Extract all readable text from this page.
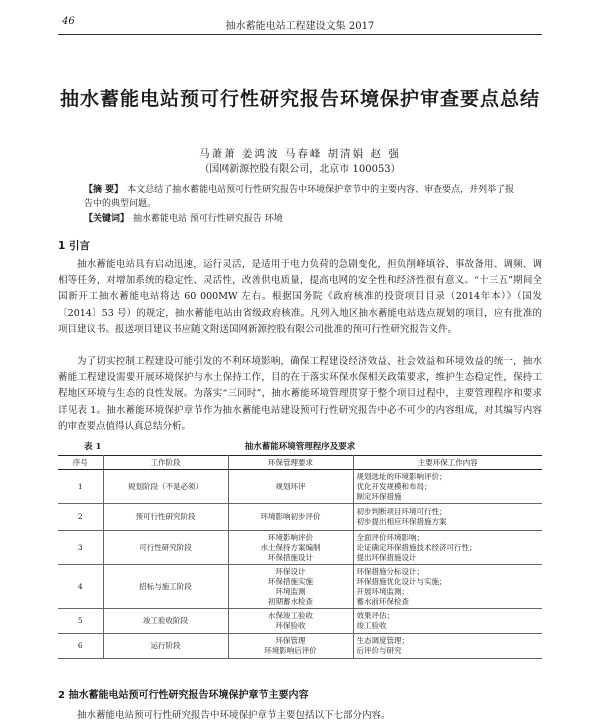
46	抽水蓄能电站工程建设文集 2017
抽水蓄能电站预可行性研究报告环境保护审查要点总结
马萧萧 姜鸿波 马春峰 胡清娟 赵 强
（国网新源控股有限公司，北京市 100053）
【摘 要】 本文总结了抽水蓄能电站预可行性研究报告中环境保护章节中的主要内容、审查要点，并列举了报告中的典型问题。
【关键词】 抽水蓄能电站 预可行性研究报告 环境
1 引言
抽水蓄能电站具有启动迅速，运行灵活，是适用于电力负荷的急剧变化，担负削峰填谷、事故备用、调频、调相等任务，对增加系统的稳定性、灵活性，改善供电质量，提高电网的安全性和经济性很有意义。“十三五”期间全国新开工抽水蓄能电站将达 60 000MW 左右。根据国务院《政府核准的投资项目目录（2014年本）》（国发〔2014〕53 号）的规定，抽水蓄能电站由省级政府核准。凡列入地区抽水蓄能电站选点规划的项目，应有批准的项目建议书。报送项目建议书应随文附送国网新源控股有限公司批准的预可行性研究报告文件。
为了切实控制工程建设可能引发的不利环境影响，确保工程建设经济效益、社会效益和环境效益的统一，抽水蓄能工程建设需要开展环境保护与水土保持工作，目的在于落实环保水保相关政策要求，维护生态稳定性，保持工程地区环境与生态的良性发展。为落实“三同时”，抽水蓄能环境管理贯穿于整个项目过程中，主要管理程序和要求详见表 1。抽水蓄能环境保护章节作为抽水蓄能电站建设预可行性研究报告中必不可少的内容组成，对其编写内容的审查要点值得认真总结分析。
表 1	抽水蓄能环境管理程序及要求
序号	工作阶段	环保管理要求	主要环保工作内容
1	规划阶段（不是必须）	规划环评	规划选址的环境影响评价；
优化开发规模和布局；
制定环保措施

2	预可行性研究阶段	环境影响初步评价	初步判断项目环境可行性；
初步提出相应环保措施方案

3	可行性研究阶段	环境影响评价
水土保持方案编制
环保措施设计	全面评价环境影响；
论证确定环保措施技术经济可行性；
提出环保措施设计

4	招标与施工阶段	环保设计
环保措施实施
环境监测
初期蓄水检查	环保措施分标设计；
环保措施优化设计与实施；
开展环境监测；
蓄水前环保检查

5	竣工验收阶段	水保竣工验收
环保验收	效果评估；
竣工验收

6	运行阶段	环保管理
环境影响后评价	生态调度管理；
后评价与研究
2 抽水蓄能电站预可行性研究报告环境保护章节主要内容
抽水蓄能电站预可行性研究报告中环境保护章节主要包括以下七部分内容。
